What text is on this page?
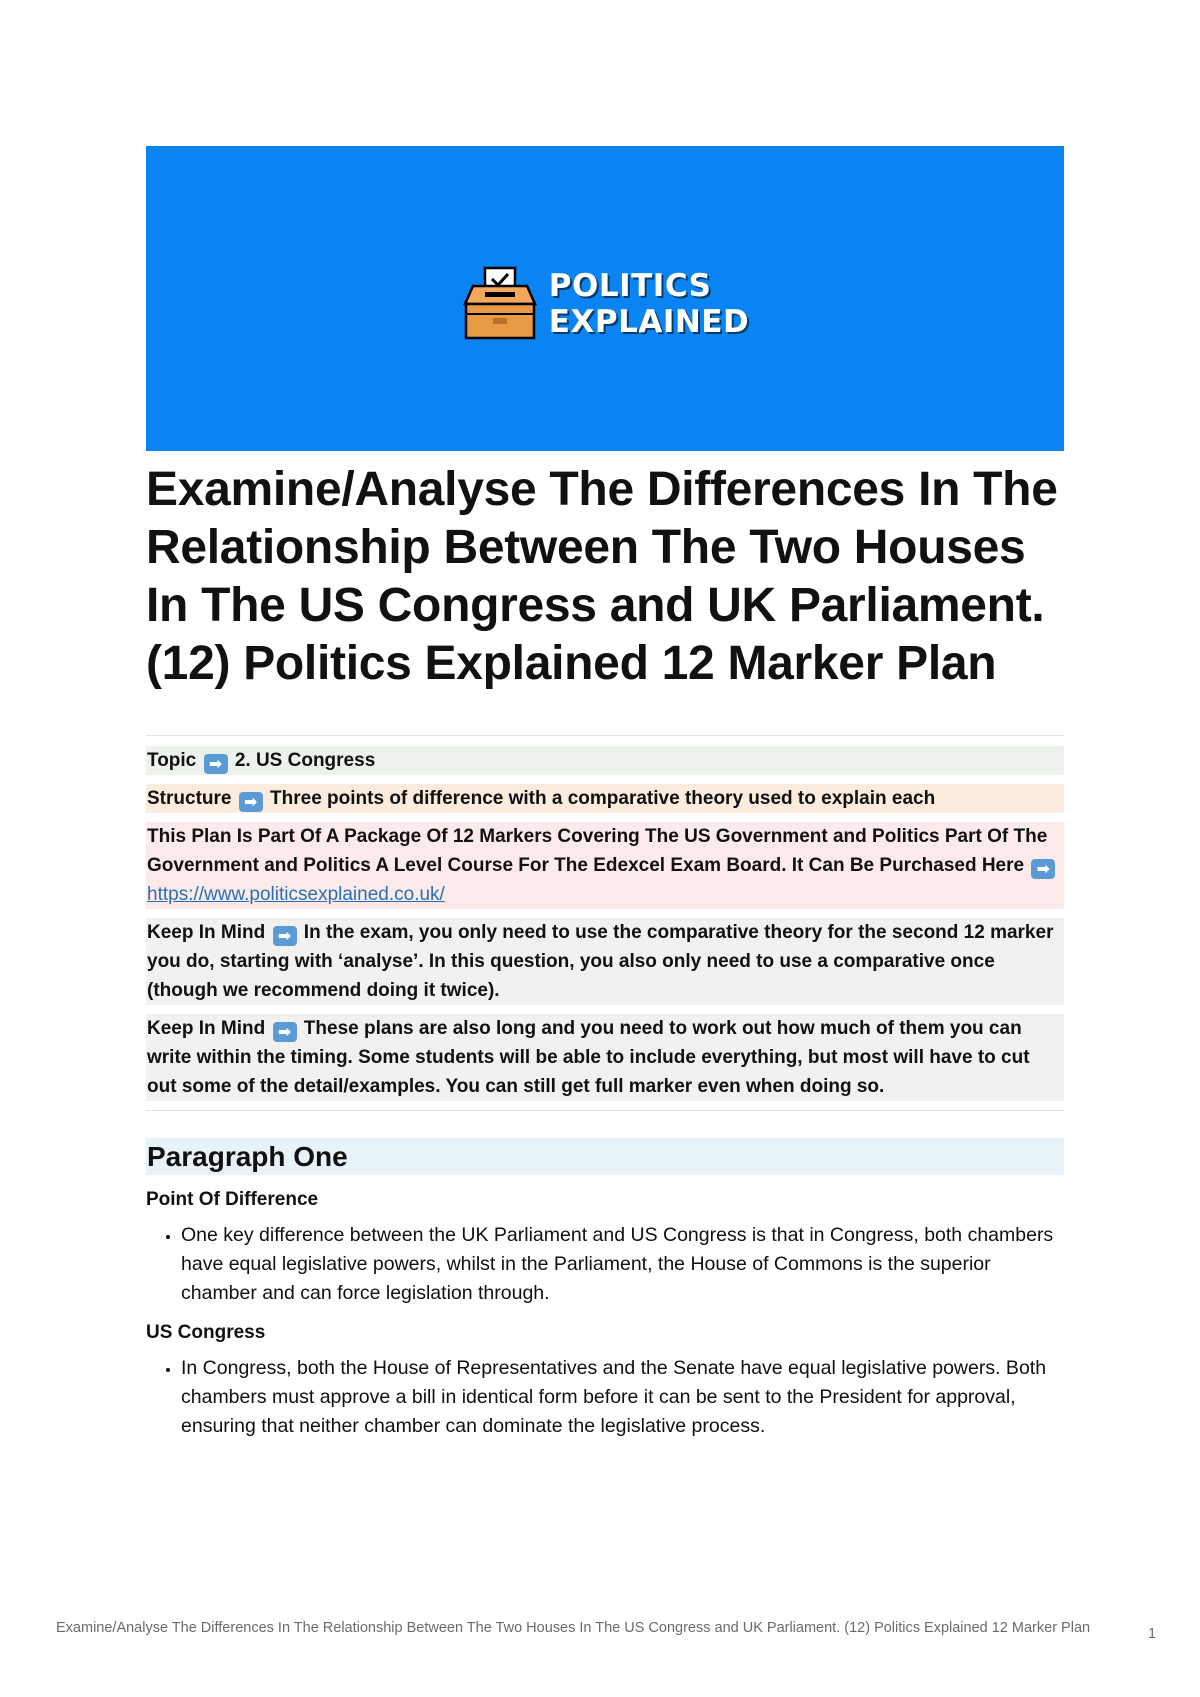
POLITICS
EXPLAINED
Examine/Analyse The Differences In The Relationship Between The Two Houses In The US Congress and UK Parliament. (12) Politics Explained 12 Marker Plan
Topic ➡ 2. US Congress
Structure ➡ Three points of difference with a comparative theory used to explain each
This Plan Is Part Of A Package Of 12 Markers Covering The US Government and Politics Part Of The Government and Politics A Level Course For The Edexcel Exam Board. It Can Be Purchased Here ➡ https://www.politicsexplained.co.uk/
Keep In Mind ➡ In the exam, you only need to use the comparative theory for the second 12 marker you do, starting with ‘analyse’. In this question, you also only need to use a comparative once (though we recommend doing it twice).
Keep In Mind ➡ These plans are also long and you need to work out how much of them you can write within the timing. Some students will be able to include everything, but most will have to cut out some of the detail/examples. You can still get full marker even when doing so.
Paragraph One
Point Of Difference
• One key difference between the UK Parliament and US Congress is that in Congress, both chambers have equal legislative powers, whilst in the Parliament, the House of Commons is the superior chamber and can force legislation through.
US Congress
• In Congress, both the House of Representatives and the Senate have equal legislative powers. Both chambers must approve a bill in identical form before it can be sent to the President for approval, ensuring that neither chamber can dominate the legislative process.
Examine/Analyse The Differences In The Relationship Between The Two Houses In The US Congress and UK Parliament. (12) Politics Explained 12 Marker Plan	1
